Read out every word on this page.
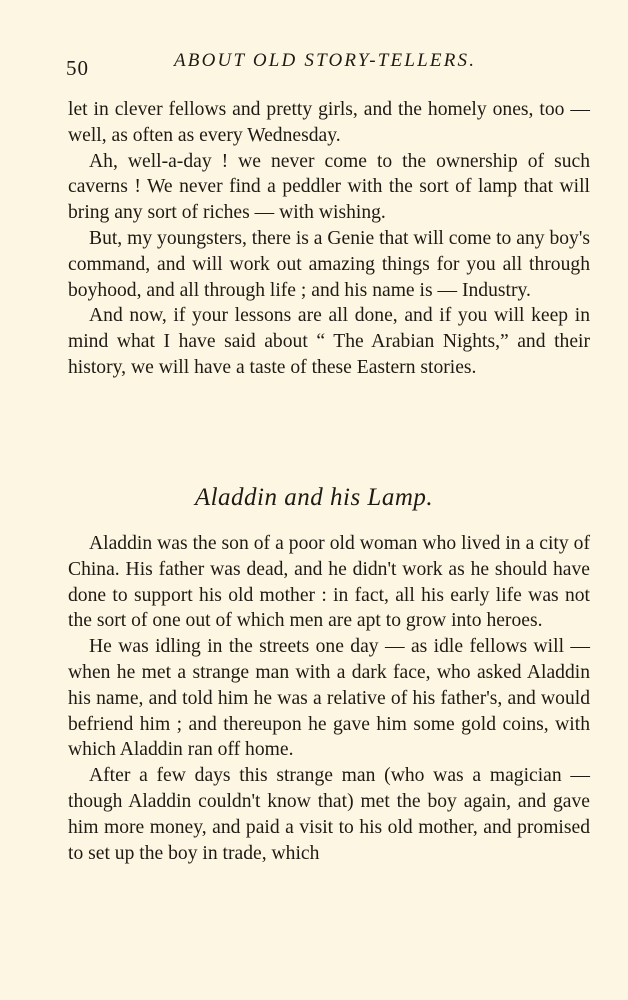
50	ABOUT OLD STORY-TELLERS.

let in clever fellows and pretty girls, and the homely ones, too — well, as often as every Wednesday.

Ah, well-a-day ! we never come to the ownership of such caverns ! We never find a peddler with the sort of lamp that will bring any sort of riches — with wishing.

But, my youngsters, there is a Genie that will come to any boy's command, and will work out amazing things for you all through boyhood, and all through life ; and his name is — Industry.

And now, if your lessons are all done, and if you will keep in mind what I have said about “ The Arabian Nights,” and their history, we will have a taste of these Eastern stories.

Aladdin and his Lamp.

Aladdin was the son of a poor old woman who lived in a city of China. His father was dead, and he didn't work as he should have done to support his old mother : in fact, all his early life was not the sort of one out of which men are apt to grow into heroes.

He was idling in the streets one day — as idle fellows will — when he met a strange man with a dark face, who asked Aladdin his name, and told him he was a relative of his father's, and would befriend him ; and thereupon he gave him some gold coins, with which Aladdin ran off home.

After a few days this strange man (who was a magician — though Aladdin couldn't know that) met the boy again, and gave him more money, and paid a visit to his old mother, and promised to set up the boy in trade, which
